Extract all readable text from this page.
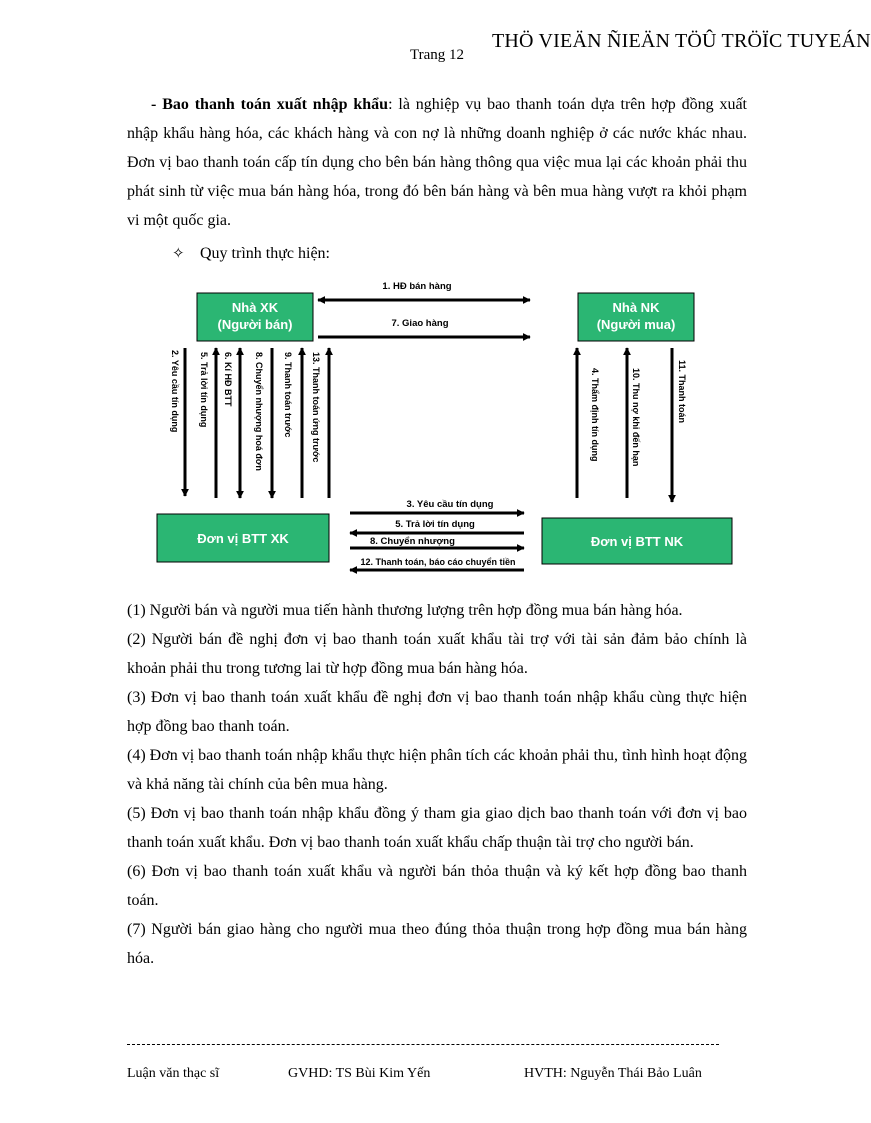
Trang 12
THÖ VIEÄN ÑIEÄN TÖÛ TRÖÏC TUYEÁN
- Bao thanh toán xuất nhập khẩu: là nghiệp vụ bao thanh toán dựa trên hợp đồng xuất nhập khẩu hàng hóa, các khách hàng và con nợ là những doanh nghiệp ở các nước khác nhau. Đơn vị bao thanh toán cấp tín dụng cho bên bán hàng thông qua việc mua lại các khoản phải thu phát sinh từ việc mua bán hàng hóa, trong đó bên bán hàng và bên mua hàng vượt ra khỏi phạm vi một quốc gia.
✧ Quy trình thực hiện:
Nhà XK
(Người bán)
Nhà NK
(Người mua)
Đơn vị BTT XK	Đơn vị BTT NK
1. HĐ bán hàng
7. Giao hàng
2. Yêu cầu tín dụng 5. Trả lời tín dụng 6. Kí HĐ BTT 8. Chuyển nhượng hoá đơn 9. Thanh toán trước 13. Thanh toán ứng trước	4. Thẩm định tín dụng	10. Thu nợ khi đến hạn	11. Thanh toán
3. Yêu cầu tín dụng
5. Trả lời tín dụng
8. Chuyển nhượng
12. Thanh toán, báo cáo chuyển tiền

(1) Người bán và người mua tiến hành thương lượng trên hợp đồng mua bán hàng hóa.

(2) Người bán đề nghị đơn vị bao thanh toán xuất khẩu tài trợ với tài sản đảm bảo chính là khoản phải thu trong tương lai từ hợp đồng mua bán hàng hóa.

(3) Đơn vị bao thanh toán xuất khẩu đề nghị đơn vị bao thanh toán nhập khẩu cùng thực hiện hợp đồng bao thanh toán.

(4) Đơn vị bao thanh toán nhập khẩu thực hiện phân tích các khoản phải thu, tình hình hoạt động và khả năng tài chính của bên mua hàng.

(5) Đơn vị bao thanh toán nhập khẩu đồng ý tham gia giao dịch bao thanh toán với đơn vị bao thanh toán xuất khẩu. Đơn vị bao thanh toán xuất khẩu chấp thuận tài trợ cho người bán.

(6) Đơn vị bao thanh toán xuất khẩu và người bán thỏa thuận và ký kết hợp đồng bao thanh toán.

(7) Người bán giao hàng cho người mua theo đúng thỏa thuận trong hợp đồng mua bán hàng hóa.

Luận văn thạc sĩ	GVHD: TS Bùi Kim Yến	HVTH: Nguyễn Thái Bảo Luân
